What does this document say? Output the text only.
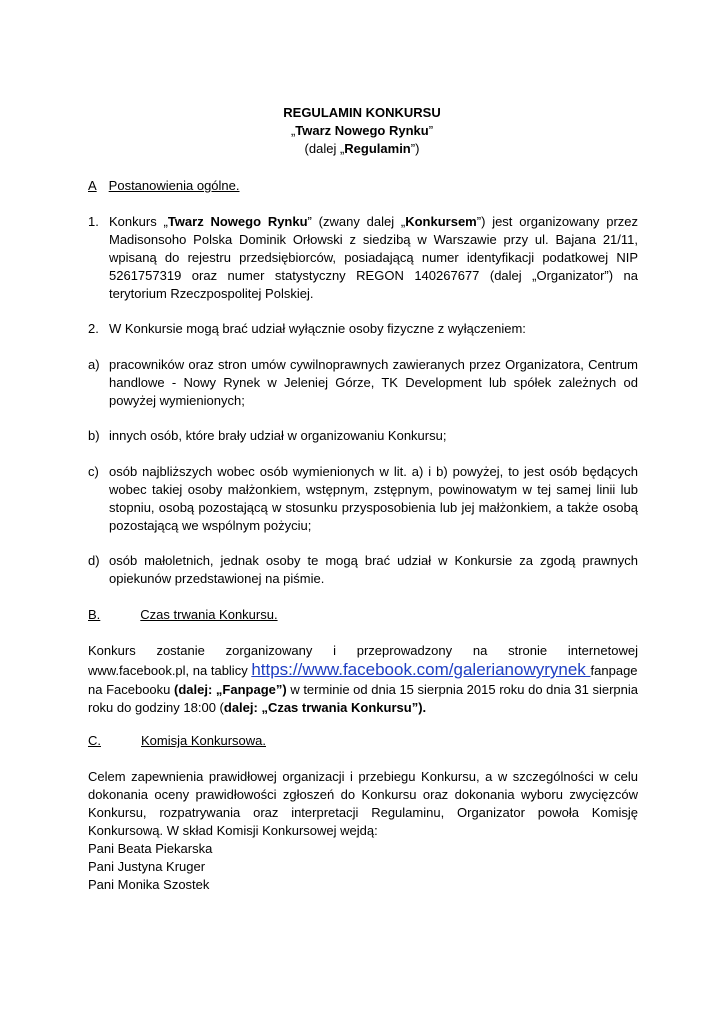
REGULAMIN KONKURSU
„Twarz Nowego Rynku”
(dalej „Regulamin”)
A Postanowienia ogólne.
1. Konkurs „Twarz Nowego Rynku” (zwany dalej „Konkursem”) jest organizowany przez Madisonsoho Polska Dominik Orłowski z siedzibą w Warszawie przy ul. Bajana 21/11, wpisaną do rejestru przedsiębiorców, posiadającą numer identyfikacji podatkowej NIP 5261757319 oraz numer statystyczny REGON 140267677 (dalej „Organizator”) na terytorium Rzeczpospolitej Polskiej.
2. W Konkursie mogą brać udział wyłącznie osoby fizyczne z wyłączeniem:
a) pracowników oraz stron umów cywilnoprawnych zawieranych przez Organizatora, Centrum handlowe - Nowy Rynek w Jeleniej Górze, TK Development lub spółek zależnych od powyżej wymienionych;
b) innych osób, które brały udział w organizowaniu Konkursu;
c) osób najbliższych wobec osób wymienionych w lit. a) i b) powyżej, to jest osób będących wobec takiej osoby małżonkiem, wstępnym, zstępnym, powinowatym w tej samej linii lub stopniu, osobą pozostającą w stosunku przysposobienia lub jej małżonkiem, a także osobą pozostającą we wspólnym pożyciu;
d) osób małoletnich, jednak osoby te mogą brać udział w Konkursie za zgodą prawnych opiekunów przedstawionej na piśmie.
B.	Czas trwania Konkursu.
Konkurs zostanie zorganizowany i przeprowadzony na stronie internetowej
www.facebook.pl, na tablicy https://www.facebook.com/galerianowyrynek fanpage
na Facebooku (dalej: „Fanpage”) w terminie od dnia 15 sierpnia 2015 roku do dnia 31 sierpnia roku do godziny 18:00 (dalej: „Czas trwania Konkursu”).
C.	Komisja Konkursowa.
Celem zapewnienia prawidłowej organizacji i przebiegu Konkursu, a w szczególności w celu dokonania oceny prawidłowości zgłoszeń do Konkursu oraz dokonania wyboru zwycięzców Konkursu, rozpatrywania oraz interpretacji Regulaminu, Organizator powoła Komisję Konkursową. W skład Komisji Konkursowej wejdą:
Pani Beata Piekarska
Pani Justyna Kruger
Pani Monika Szostek
